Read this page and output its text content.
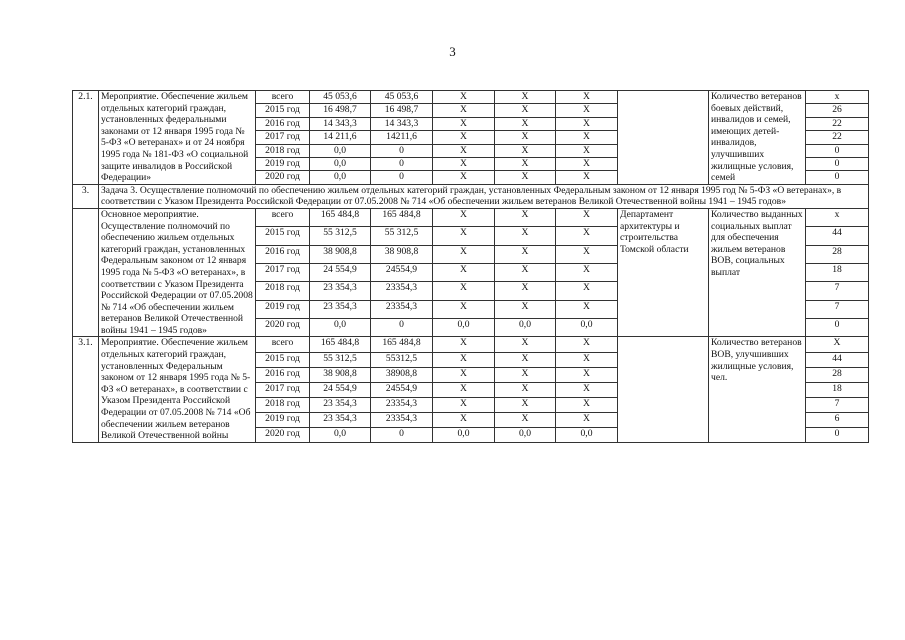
3
2.1.	Мероприятие. Обеспечение жильем отдельных категорий граждан, установленных федеральными законами от 12 января 1995 года № 5-ФЗ «О ветеранах» и от 24 ноября 1995 года № 181-ФЗ «О социальной защите инвалидов в Российской Федерации»	всего	45 053,6	45 053,6	X	X	X		Количество ветеранов боевых действий, инвалидов и семей, имеющих детей-инвалидов, улучшивших жилищные условия, семей	x
		2015 год	16 498,7	16 498,7	X	X	X			26
		2016 год	14 343,3	14 343,3	X	X	X			22
		2017 год	14 211,6	14211,6	X	X	X			22
		2018 год	0,0	0	X	X	X			0
		2019 год	0,0	0	X	X	X			0
		2020 год	0,0	0	X	X	X			0
3.	Задача 3. Осуществление полномочий по обеспечению жильем отдельных категорий граждан, установленных Федеральным законом от 12 января 1995 год № 5-ФЗ «О ветеранах», в соответствии с Указом Президента Российской Федерации от 07.05.2008 № 714 «Об обеспечении жильем ветеранов Великой Отечественной войны 1941 – 1945 годов»									
	Основное мероприятие. Осуществление полномочий по обеспечению жильем отдельных категорий граждан, установленных Федеральным законом от 12 января 1995 года № 5-ФЗ «О ветеранах», в соответствии с Указом Президента Российской Федерации от 07.05.2008 № 714 «Об обеспечении жильем ветеранов Великой Отечественной войны 1941 – 1945 годов»	всего	165 484,8	165 484,8	X	X	X	Департамент архитектуры и строительства Томской области	Количество выданных социальных выплат для обеспечения жильем ветеранов ВОВ, социальных выплат	x
		2015 год	55 312,5	55 312,5	X	X	X			44
		2016 год	38 908,8	38 908,8	X	X	X			28
		2017 год	24 554,9	24554,9	X	X	X			18
		2018 год	23 354,3	23354,3	X	X	X			7
		2019 год	23 354,3	23354,3	X	X	X			7
		2020 год	0,0	0	0,0	0,0	0,0			0
3.1.	Мероприятие. Обеспечение жильем отдельных категорий граждан, установленных Федеральным законом от 12 января 1995 года № 5-ФЗ «О ветеранах», в соответствии с Указом Президента Российской Федерации от 07.05.2008 № 714 «Об обеспечении жильем ветеранов Великой Отечественной войны	всего	165 484,8	165 484,8	X	X	X		Количество ветеранов ВОВ, улучшивших жилищные условия, чел.	X
		2015 год	55 312,5	55312,5	X	X	X			44
		2016 год	38 908,8	38908,8	X	X	X			28
		2017 год	24 554,9	24554,9	X	X	X			18
		2018 год	23 354,3	23354,3	X	X	X			7
		2019 год	23 354,3	23354,3	X	X	X			6
		2020 год	0,0	0	0,0	0,0	0,0			0
